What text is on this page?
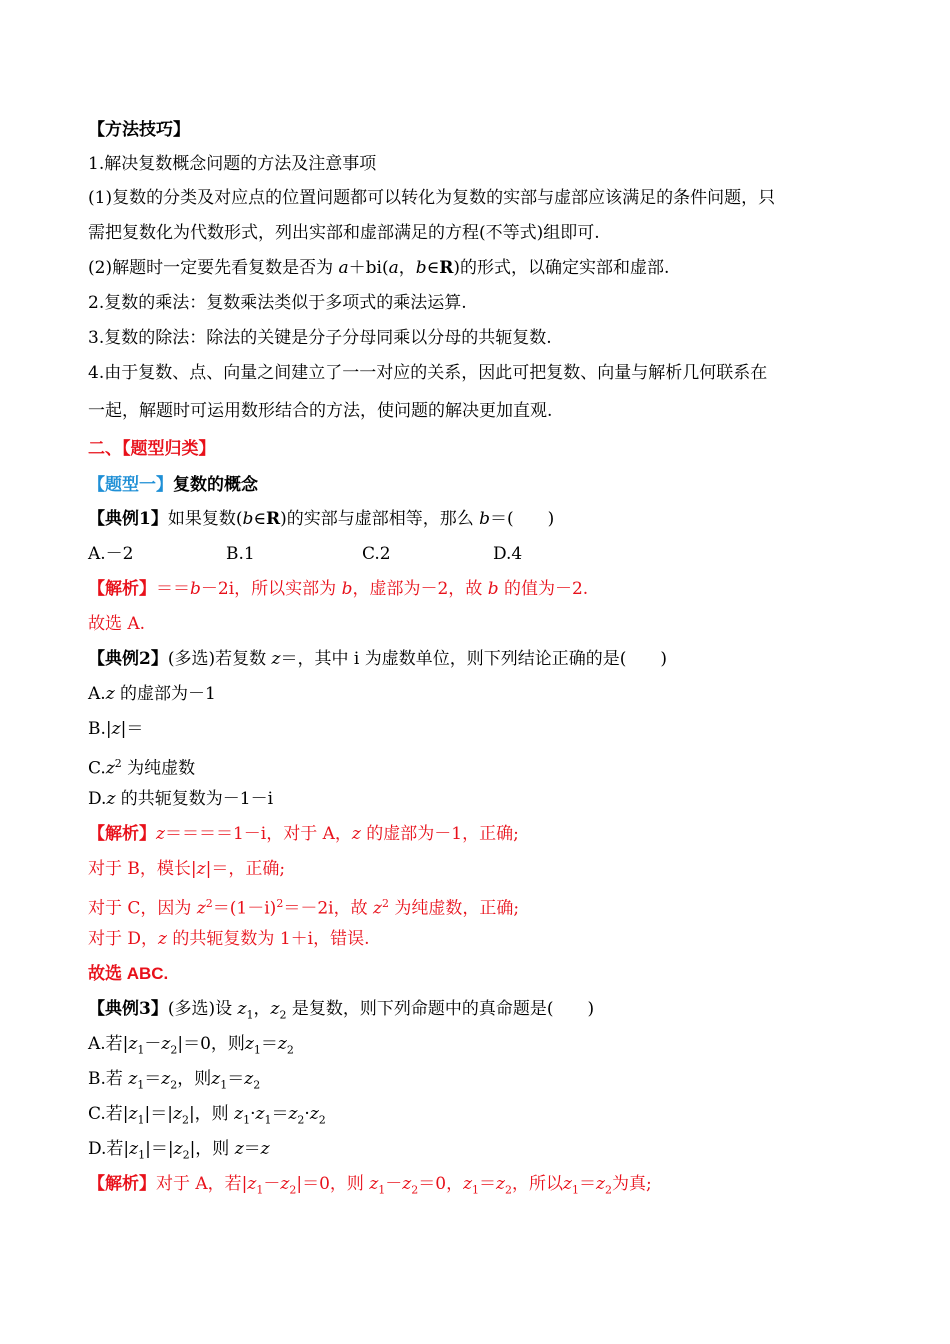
【方法技巧】
1.解决复数概念问题的方法及注意事项
(1)复数的分类及对应点的位置问题都可以转化为复数的实部与虚部应该满足的条件问题，只
需把复数化为代数形式，列出实部和虚部满足的方程(不等式)组即可.
(2)解题时一定要先看复数是否为 a＋bi(a，b∈R)的形式，以确定实部和虚部.
2.复数的乘法：复数乘法类似于多项式的乘法运算.
3.复数的除法：除法的关键是分子分母同乘以分母的共轭复数.
4.由于复数、点、向量之间建立了一一对应的关系，因此可把复数、向量与解析几何联系在
一起，解题时可运用数形结合的方法，使问题的解决更加直观.
二、【题型归类】
【题型一】复数的概念
【典例1】如果复数(b∈R)的实部与虚部相等，那么 b＝(　　)
A.－2	B.1	C.2	D.4
【解析】＝＝b－2i，所以实部为 b，虚部为－2，故 b 的值为－2.
故选 A.
【典例2】(多选)若复数 z＝，其中 i 为虚数单位，则下列结论正确的是(　　)
A.z 的虚部为－1
B.|z|＝
$C.z^2$ 为纯虚数
D.z 的共轭复数为－1－i
【解析】z＝＝＝＝1－i，对于 A，z 的虚部为－1，正确;
对于 B，模长|z|＝，正确;
对于 C，因为 $z^2=(1-i)^2=-2i$，故 $z^2$ 为纯虚数，正确;
对于 D，z 的共轭复数为 1＋i，错误.
故选 ABC.
【典例3】(多选)设 $z_1$，$z_2$ 是复数，则下列命题中的真命题是(　　)
A.若$|z_1-z_2|=0$，则$z_1=z_2$
B.若 $z_1=z_2$，则$z_1=z_2$
C.若$|z_1|=|z_2|$，则 $z_1\cdot z_1=z_2\cdot z_2$
D.若$|z_1|=|z_2|$，则 z＝z
【解析】对于 A，若$|z_1-z_2|=0$，则 $z_1-z_2=0$，$z_1=z_2$，所以$z_1=z_2$为真;
